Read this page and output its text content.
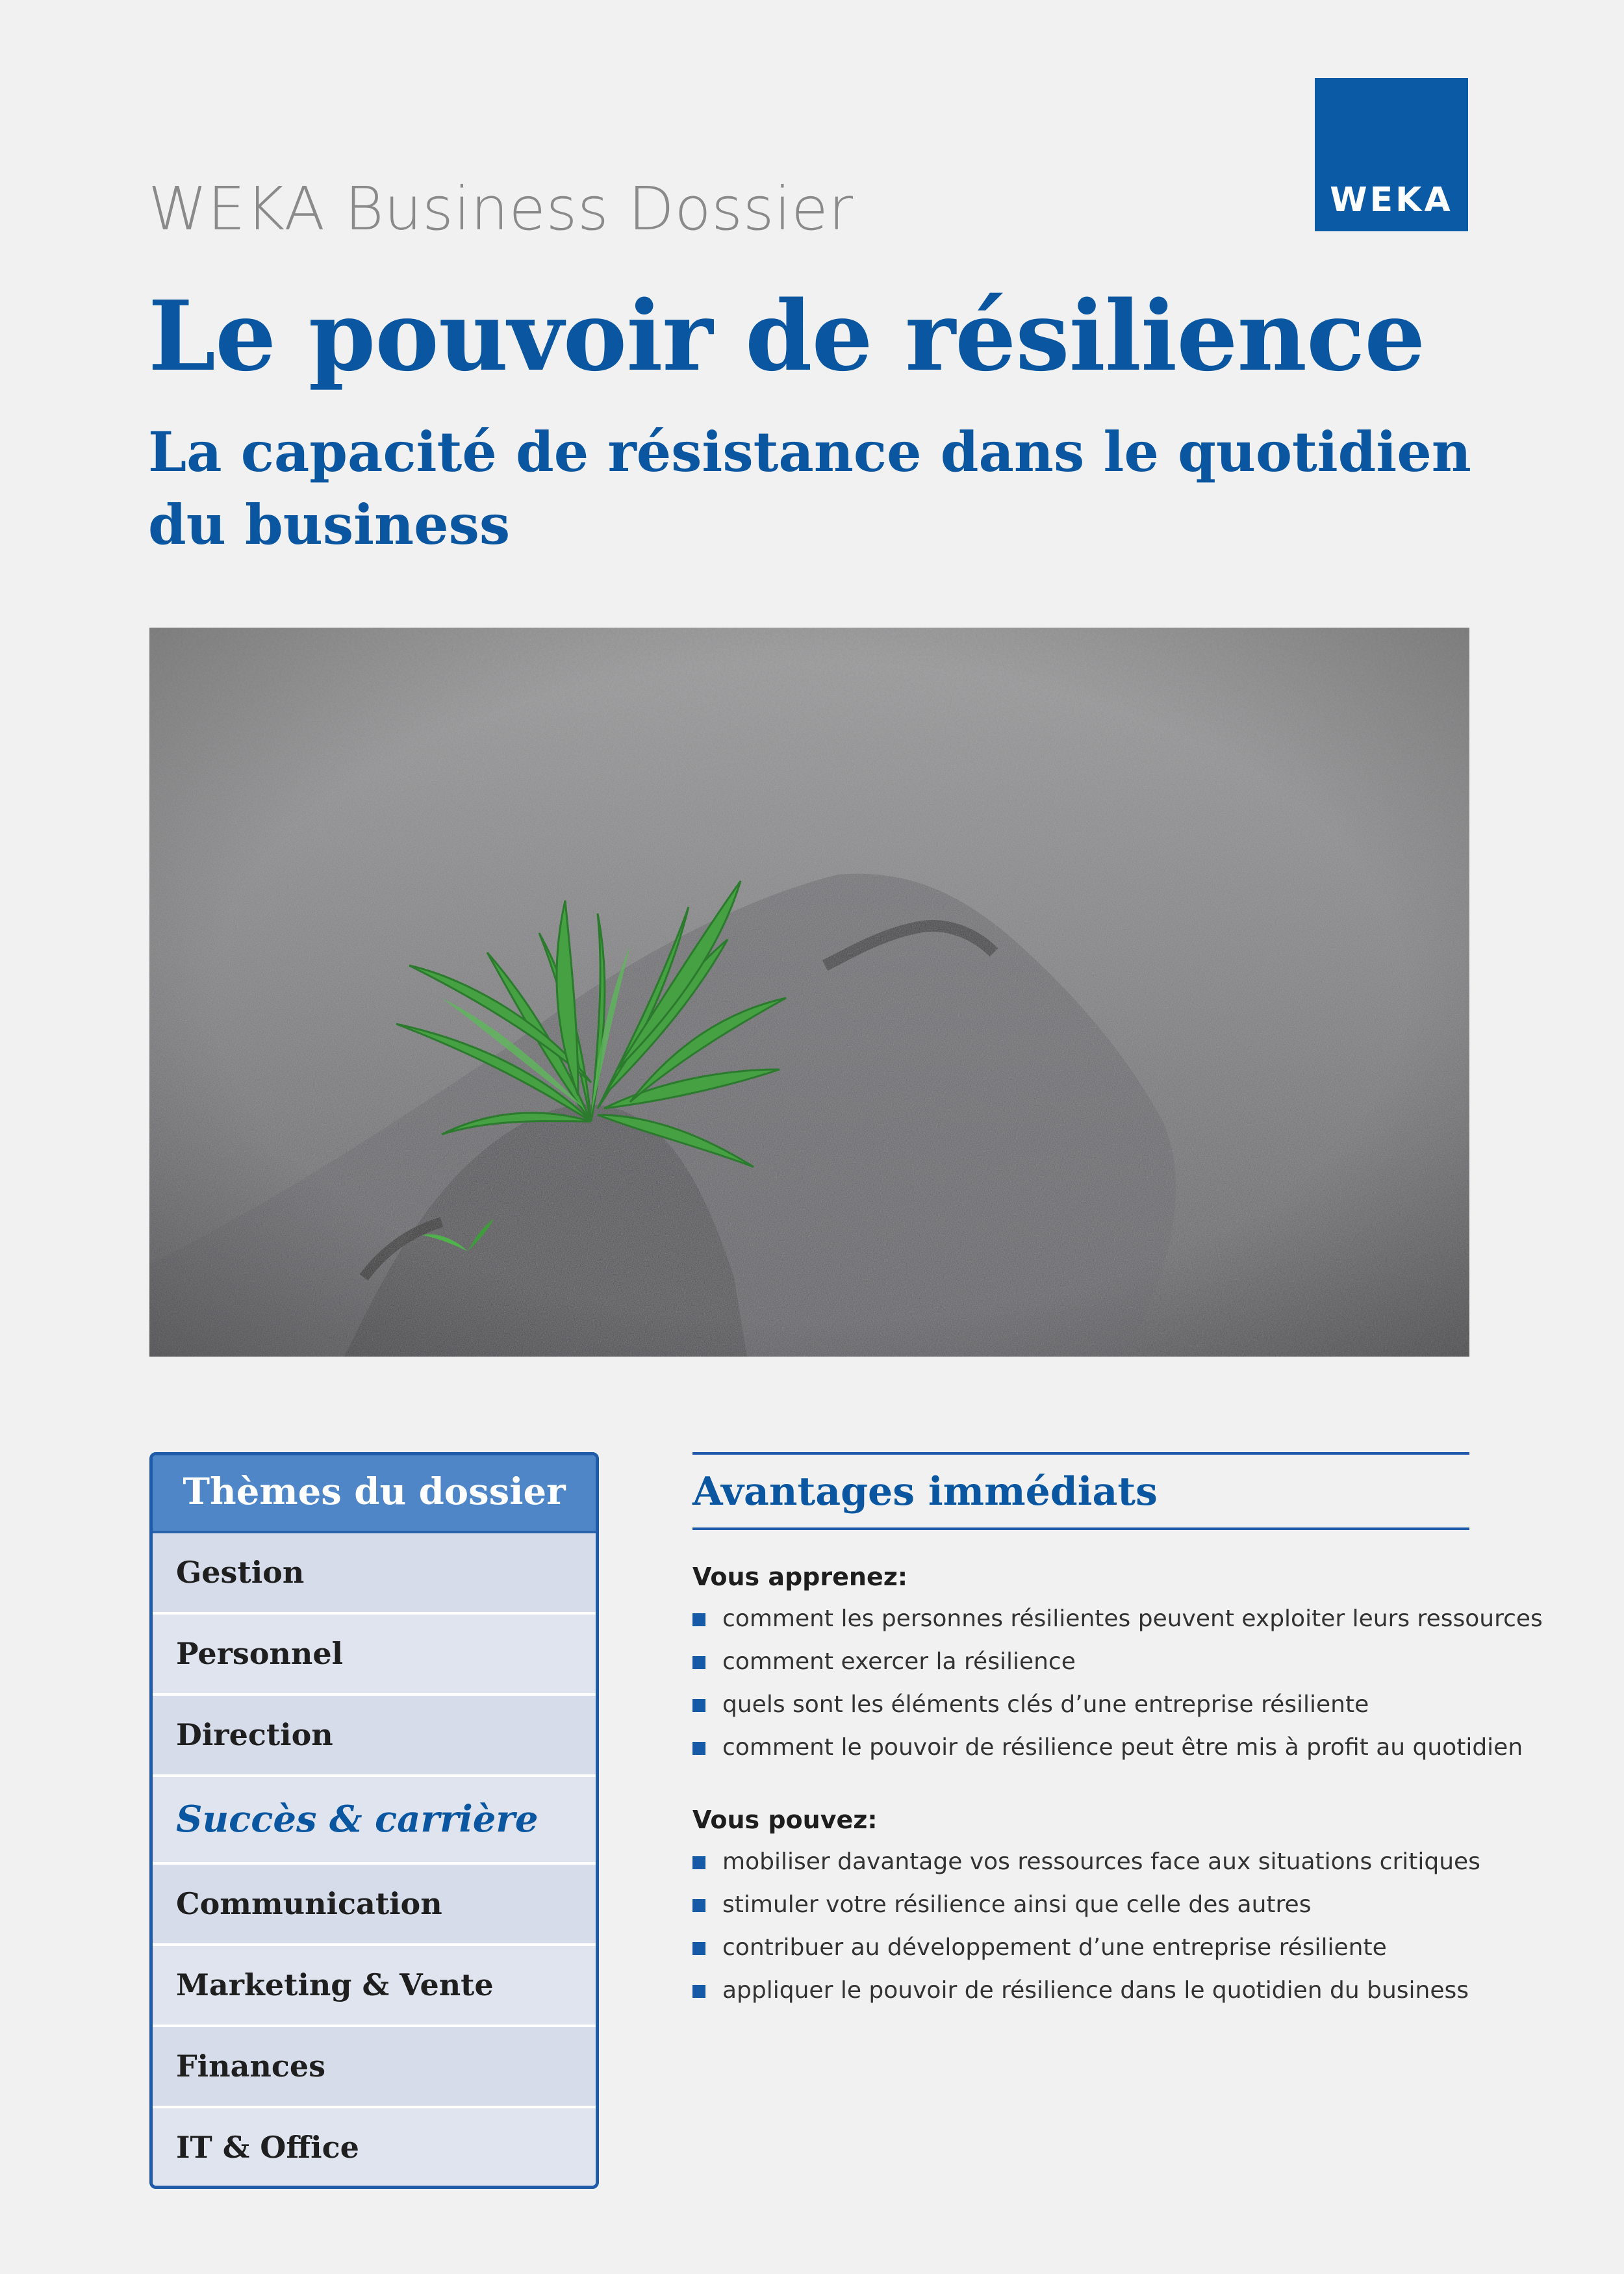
WEKA Business Dossier	WEKA
Le pouvoir de résilience
La capacité de résistance dans le quotidien du business
Thèmes du dossier
Gestion
Personnel
Direction
Succès & carrière
Communication
Marketing & Vente
Finances
IT & Office
Avantages immédiats
Vous apprenez:
comment les personnes résilientes peuvent exploiter leurs ressources
comment exercer la résilience
quels sont les éléments clés d’une entreprise résiliente
comment le pouvoir de résilience peut être mis à profit au quotidien
Vous pouvez:
mobiliser davantage vos ressources face aux situations critiques
stimuler votre résilience ainsi que celle des autres
contribuer au développement d’une entreprise résiliente
appliquer le pouvoir de résilience dans le quotidien du business
